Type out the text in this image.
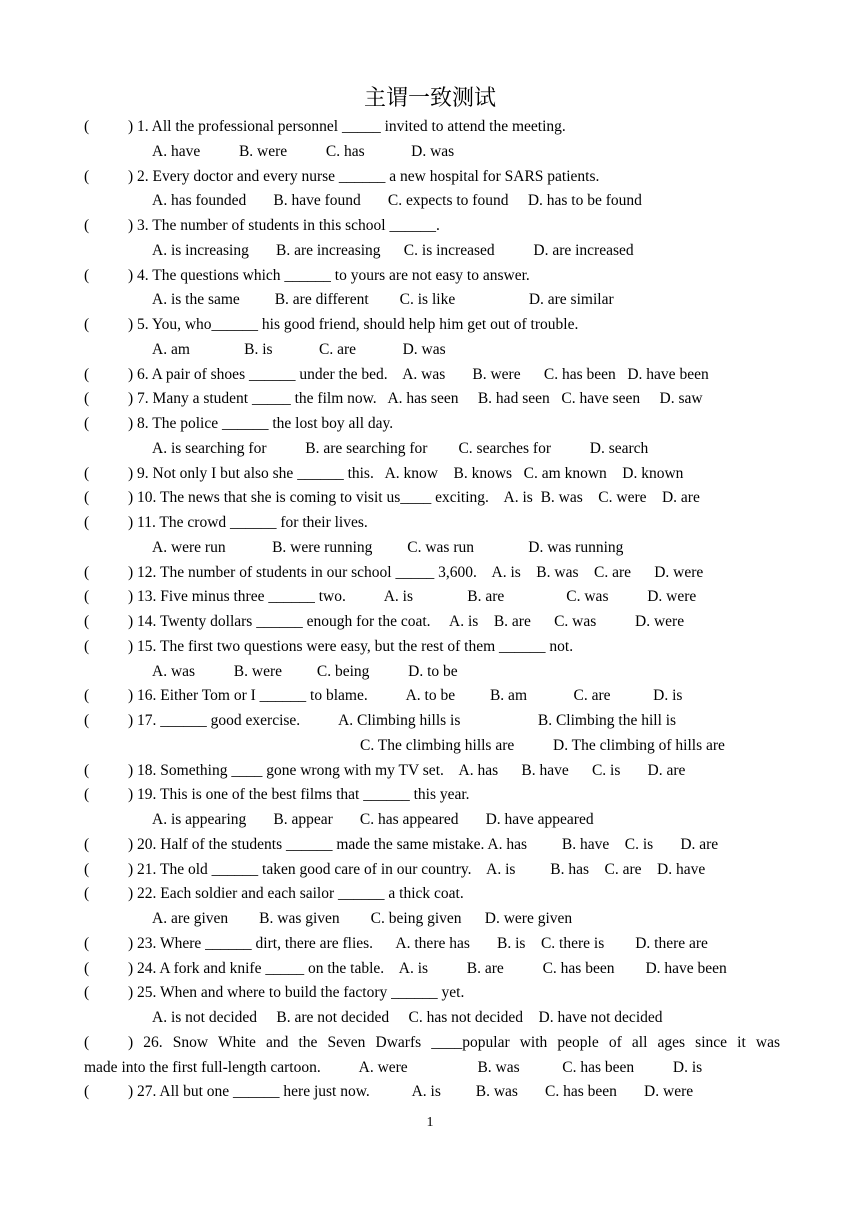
主谓一致测试
(	) 1. All the professional personnel _____ invited to attend the meeting.
A. have          B. were          C. has            D. was
(	) 2. Every doctor and every nurse ______ a new hospital for SARS patients.
A. has founded       B. have found       C. expects to found     D. has to be found
(	) 3. The number of students in this school ______.
A. is increasing       B. are increasing      C. is increased          D. are increased
(	) 4. The questions which ______ to yours are not easy to answer.
A. is the same         B. are different        C. is like                   D. are similar
(	) 5. You, who______ his good friend, should help him get out of trouble.
A. am              B. is            C. are            D. was
(	) 6. A pair of shoes ______ under the bed.    A. was       B. were      C. has been   D. have been
(	) 7. Many a student _____ the film now.   A. has seen     B. had seen   C. have seen     D. saw
(	) 8. The police ______ the lost boy all day.
A. is searching for          B. are searching for        C. searches for          D. search
(	) 9. Not only I but also she ______ this.   A. know    B. knows   C. am known    D. known
(	) 10. The news that she is coming to visit us____ exciting.    A. is  B. was    C. were    D. are
(	) 11. The crowd ______ for their lives.
A. were run            B. were running         C. was run              D. was running
(	) 12. The number of students in our school _____ 3,600.    A. is    B. was    C. are      D. were
(	) 13. Five minus three ______ two.          A. is              B. are                C. was          D. were
(	) 14. Twenty dollars ______ enough for the coat.     A. is    B. are      C. was          D. were
(	) 15. The first two questions were easy, but the rest of them ______ not.
A. was          B. were         C. being          D. to be
(	) 16. Either Tom or I ______ to blame.          A. to be         B. am            C. are           D. is
(	) 17. ______ good exercise.          A. Climbing hills is                    B. Climbing the hill is
C. The climbing hills are          D. The climbing of hills are
(	) 18. Something ____ gone wrong with my TV set.    A. has      B. have      C. is       D. are
(	) 19. This is one of the best films that ______ this year.
A. is appearing       B. appear       C. has appeared       D. have appeared
(	) 20. Half of the students ______ made the same mistake. A. has         B. have    C. is       D. are
(	) 21. The old ______ taken good care of in our country.    A. is         B. has    C. are    D. have
(	) 22. Each soldier and each sailor ______ a thick coat.
A. are given        B. was given        C. being given      D. were given
(	) 23. Where ______ dirt, there are flies.      A. there has       B. is    C. there is        D. there are
(	) 24. A fork and knife _____ on the table.    A. is          B. are          C. has been        D. have been
(	) 25. When and where to build the factory ______ yet.
A. is not decided     B. are not decided     C. has not decided    D. have not decided
(	) 26. Snow White and the Seven Dwarfs ____popular with people of all ages since it was
made into the first full-length cartoon.          A. were                  B. was           C. has been          D. is
(	) 27. All but one ______ here just now.           A. is         B. was       C. has been       D. were
1
